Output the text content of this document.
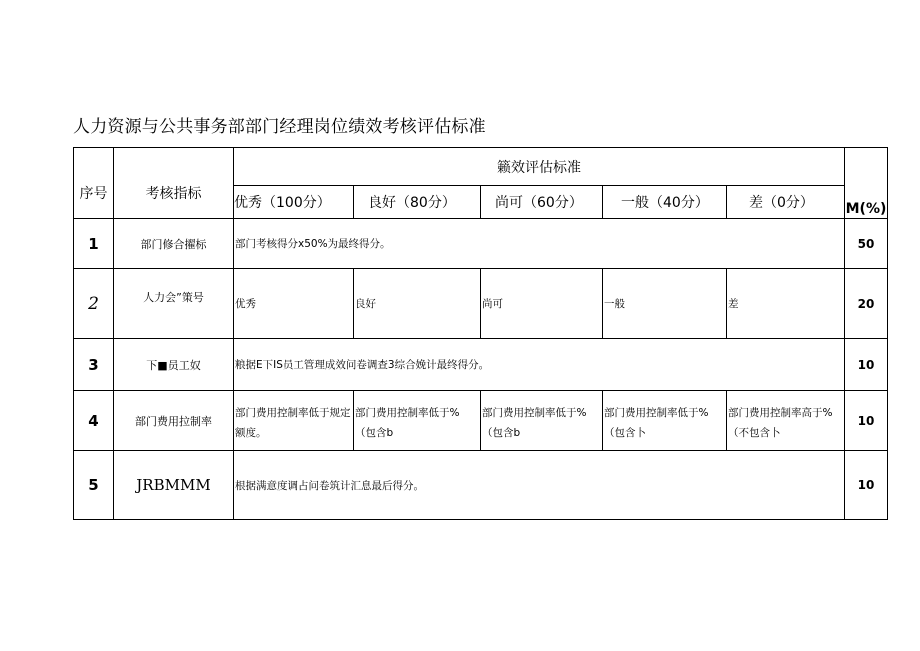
人力资源与公共事务部部门经理岗位绩效考核评估标准
序号	考核指标	籁效评估标准					M(%)
		优秀（100分）	良好（80分）	尚可（60分）	一般（40分）	差（0分）	
1	部门修合擢标	部门考核得分x50%为最终得分。					50
2	人力会”策号	优秀	良好	尚可	一般	差	20
3	下■员工奴	粮据E下IS员工管理成效问卷调查3综合娩计最终得分。					10
4	部门费用拉制率	部门费用控制率低于规定额度。	部门费用控制率低于%（包含b	部门费用控制率低于%（包含b	部门费用控制率低于%（包含卜	部门费用控制率高于%（不包含卜	10
5	JRBMMM	根据满意度调占问卷筑计汇息最后得分。					10
